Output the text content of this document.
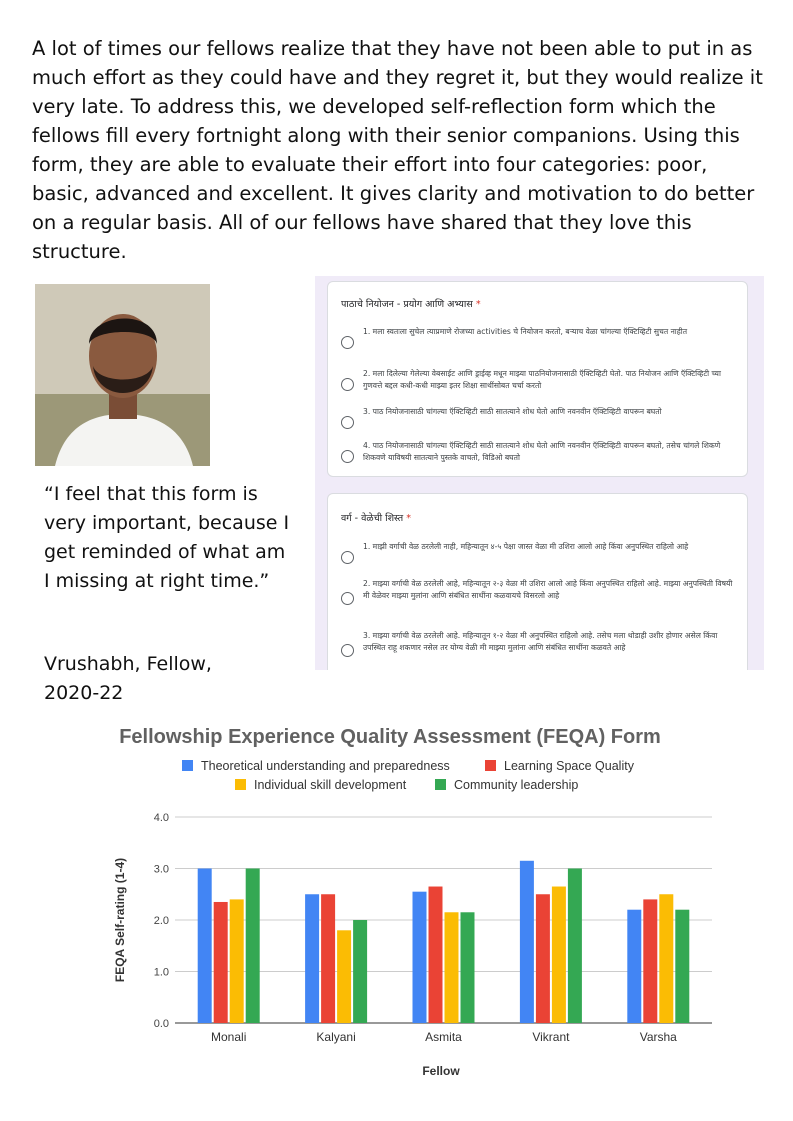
A lot of times our fellows realize that they have not been able to put in as much effort as they could have and they regret it, but they would realize it very late. To address this, we developed self-reflection form which the fellows fill every fortnight along with their senior companions. Using this form, they are able to evaluate their effort into four categories: poor, basic, advanced and excellent. It gives clarity and motivation to do better on a regular basis. All of our fellows have shared that they love this structure.

“I feel that this form is very important, because I get reminded of what am I missing at right time.”

Vrushabh, Fellow,
2020-22

पाठाचे नियोजन - प्रयोग आणि अभ्यास *
1. मला स्वतःला सुचेल त्याप्रमाणे रोजच्या activities चे नियोजन करतो, बऱ्याच वेळा चांगल्या ऍक्टिव्हिटी सुचत नाहीत
2. मला दिलेल्या गेलेल्या वेबसाईट आणि ड्राईव्ह मधून माझ्या पाठनियोजनासाठी ऍक्टिव्हिटी घेतो. पाठ नियोजन आणि ऍक्टिव्हिटी च्या गुणवत्ते बद्दल कधी-कधी माझ्या इतर शिक्षा साथींसोबत चर्चा करतो
3. पाठ नियोजनासाठी चांगल्या ऍक्टिव्हिटी साठी सातत्याने शोध घेतो आणि नवनवीन ऍक्टिव्हिटी वापरून बघतो
4. पाठ नियोजनासाठी चांगल्या ऍक्टिव्हिटी साठी सातत्याने शोध घेतो आणि नवनवीन ऍक्टिव्हिटी वापरून बघतो, तसेच चांगले शिकणे शिकवणे याविषयी सातत्याने पुस्तके वाचतो, विडिओ बघतो
वर्ग - वेळेची शिस्त *
1. माझी वर्गाची वेळ ठरलेली नाही, महिन्यातून ४-५ पेक्षा जास्त वेळा मी उशिरा आलो आहे किंवा अनुपस्थित राहिलो आहे
2. माझ्या वर्गाची वेळ ठरलेली आहे, महिन्यातून २-३ वेळा मी उशिरा आलो आहे किंवा अनुपस्थित राहिलो आहे. माझ्या अनुपस्थिती विषयी मी वेळेवर माझ्या मुलांना आणि संबंधित साथींना कळवायचे विसरलो आहे
3. माझ्या वर्गाची वेळ ठरलेली आहे. महिन्यातून १-२ वेळा मी अनुपस्थित राहिलो आहे. तसेच मला थोडाही उशीर होणार असेल किंवा उपस्थित राहू शकणार नसेल तर योग्य वेळी मी माझ्या मुलांना आणि संबंधित साथींना कळवते आहे
Fellowship Experience Quality Assessment (FEQA) Form
Theoretical understanding and preparedness	Learning Space Quality
Individual skill development	Community leadership
0.0
1.0
2.0
3.0
4.0
Fellow
FEQA Self-rating (1-4)
Monali	Kalyani	Asmita	Vikrant	Varsha
